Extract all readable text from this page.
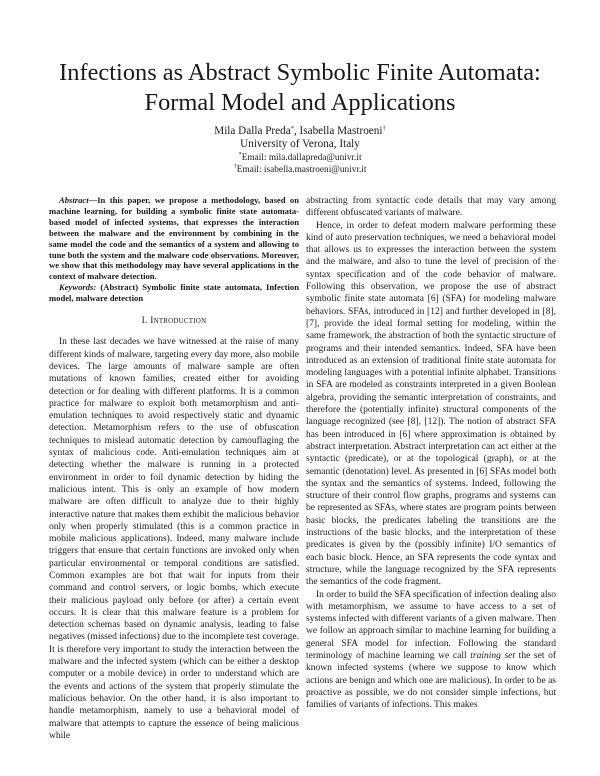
Infections as Abstract Symbolic Finite Automata:
Formal Model and Applications
Mila Dalla Preda*, Isabella Mastroeni†
University of Verona, Italy
*Email: mila.dallapreda@univr.it
†Email: isabella.mastroeni@univr.it

Abstract—In this paper, we propose a methodology, based on machine learning, for building a symbolic finite state automata-based model of infected systems, that expresses the interaction between the malware and the environment by combining in the same model the code and the semantics of a system and allowing to tune both the system and the malware code observations. Moreover, we show that this methodology may have several applications in the context of malware detection.

Keywords: (Abstract) Symbolic finite state automata, Infection model, malware detection

I. Introduction

In these last decades we have witnessed at the raise of many different kinds of malware, targeting every day more, also mobile devices. The large amounts of malware sample are often mutations of known families, created either for avoiding detection or for dealing with different platforms. It is a common practice for malware to exploit both metamorphism and anti-emulation techniques to avoid respectively static and dynamic detection. Metamorphism refers to the use of obfuscation techniques to mislead automatic detection by camouflaging the syntax of malicious code. Anti-emulation techniques aim at detecting whether the malware is running in a protected environment in order to foil dynamic detection by hiding the malicious intent. This is only an example of how modern malware are often difficult to analyze due to their highly interactive nature that makes them exhibit the malicious behavior only when properly stimulated (this is a common practice in mobile malicious applications). Indeed, many malware include triggers that ensure that certain functions are invoked only when particular environmental or temporal conditions are satisfied. Common examples are bot that wait for inputs from their command and control servers, or logic bombs, which execute their malicious payload only before (or after) a certain event occurs. It is clear that this malware feature is a problem for detection schemas based on dynamic analysis, leading to false negatives (missed infections) due to the incomplete test coverage. It is therefore very important to study the interaction between the malware and the infected system (which can be either a desktop computer or a mobile device) in order to understand which are the events and actions of the system that properly stimulate the malicious behavior. On the other hand, it is also important to handle metamorphism, namely to use a behavioral model of malware that attempts to capture the essence of being malicious while

abstracting from syntactic code details that may vary among different obfuscated variants of malware.

Hence, in order to defeat modern malware performing these kind of auto preservation techniques, we need a behavioral model that allows us to expresses the interaction between the system and the malware, and also to tune the level of precision of the syntax specification and of the code behavior of malware. Following this observation, we propose the use of abstract symbolic finite state automata [6] (SFA) for modeling malware behaviors. SFAs, introduced in [12] and further developed in [8], [7], provide the ideal formal setting for modeling, within the same framework, the abstraction of both the syntactic structure of programs and their intended semantics. Indeed, SFA have been introduced as an extension of traditional finite state automata for modeling languages with a potential infinite alphabet. Transitions in SFA are modeled as constraints interpreted in a given Boolean algebra, providing the semantic interpretation of constraints, and therefore the (potentially infinite) structural components of the language recognized (see [8], [12]). The notion of abstract SFA has been introduced in [6] where approximation is obtained by abstract interpretation. Abstract interpretation can act either at the syntactic (predicate), or at the topological (graph), or at the semantic (denotation) level. As presented in [6] SFAs model both the syntax and the semantics of systems. Indeed, following the structure of their control flow graphs, programs and systems can be represented as SFAs, where states are program points between basic blocks, the predicates labeling the transitions are the instructions of the basic blocks, and the interpretation of these predicates is given by the (possibly infinite) I/O semantics of each basic block. Hence, an SFA represents the code syntax and structure, while the language recognized by the SFA represents the semantics of the code fragment.

In order to build the SFA specification of infection dealing also with metamorphism, we assume to have access to a set of systems infected with different variants of a given malware. Then we follow an approach similar to machine learning for building a general SFA model for infection. Following the standard terminology of machine learning we call training set the set of known infected systems (where we suppose to know which actions are benign and which one are malicious). In order to be as proactive as possible, we do not consider simple infections, but families of variants of infections. This makes
